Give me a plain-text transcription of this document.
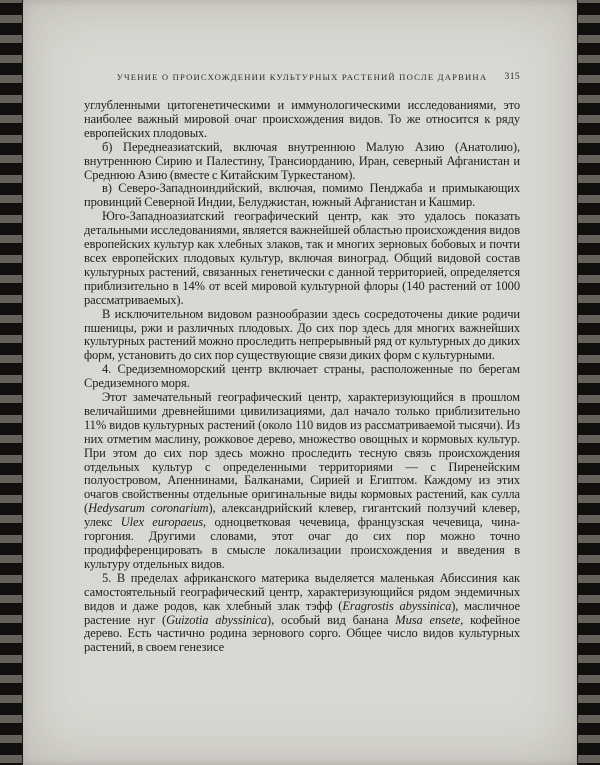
УЧЕНИЕ О ПРОИСХОЖДЕНИИ КУЛЬТУРНЫХ РАСТЕНИЙ ПОСЛЕ ДАРВИНА 315

углубленными цитогенетическими и иммунологическими исследованиями, это наиболее важный мировой очаг происхождения видов. То же относится к ряду европейских плодовых.

б) Переднеазиатский, включая внутреннюю Малую Азию (Анатолию), внутреннюю Сирию и Палестину, Трансиорданию, Иран, северный Афганистан и Среднюю Азию (вместе с Китайским Туркестаном).

в) Северо-Западноиндийский, включая, помимо Пенджаба и примыкающих провинций Северной Индии, Белуджистан, южный Афганистан и Кашмир.

Юго-Западноазиатский географический центр, как это удалось показать детальными исследованиями, является важнейшей областью происхождения видов европейских культур как хлебных злаков, так и многих зерновых бобовых и почти всех европейских плодовых культур, включая виноград. Общий видовой состав культурных растений, связанных генетически с данной территорией, определяется приблизительно в 14% от всей мировой культурной флоры (140 растений от 1000 рассматриваемых).

В исключительном видовом разнообразии здесь сосредоточены дикие родичи пшеницы, ржи и различных плодовых. До сих пор здесь для многих важнейших культурных растений можно проследить непрерывный ряд от культурных до диких форм, установить до сих пор существующие связи диких форм с культурными.

4. Средиземноморский центр включает страны, расположенные по берегам Средиземного моря.

Этот замечательный географический центр, характеризующийся в прошлом величайшими древнейшими цивилизациями, дал начало только приблизительно 11% видов культурных растений (около 110 видов из рассматриваемой тысячи). Из них отметим маслину, рожковое дерево, множество овощных и кормовых культур. При этом до сих пор здесь можно проследить тесную связь происхождения отдельных культур с определенными территориями — с Пиренейским полуостровом, Апеннинами, Балканами, Сирией и Египтом. Каждому из этих очагов свойственны отдельные оригинальные виды кормовых растений, как сулла (Hedysarum coronarium), александрийский клевер, гигантский ползучий клевер, улекс Ulex europaeus, одноцветковая чечевица, французская чечевица, чина-горгония. Другими словами, этот очаг до сих пор можно точно продифференцировать в смысле локализации происхождения и введения в культуру отдельных видов.

5. В пределах африканского материка выделяется маленькая Абиссиния как самостоятельный географический центр, характеризующийся рядом эндемичных видов и даже родов, как хлебный злак тэфф (Eragrostis abyssinica), масличное растение нуг (Guizotia abyssinica), особый вид банана Musa ensete, кофейное дерево. Есть частично родина зернового сорго. Общее число видов культурных растений, в своем генезисе
